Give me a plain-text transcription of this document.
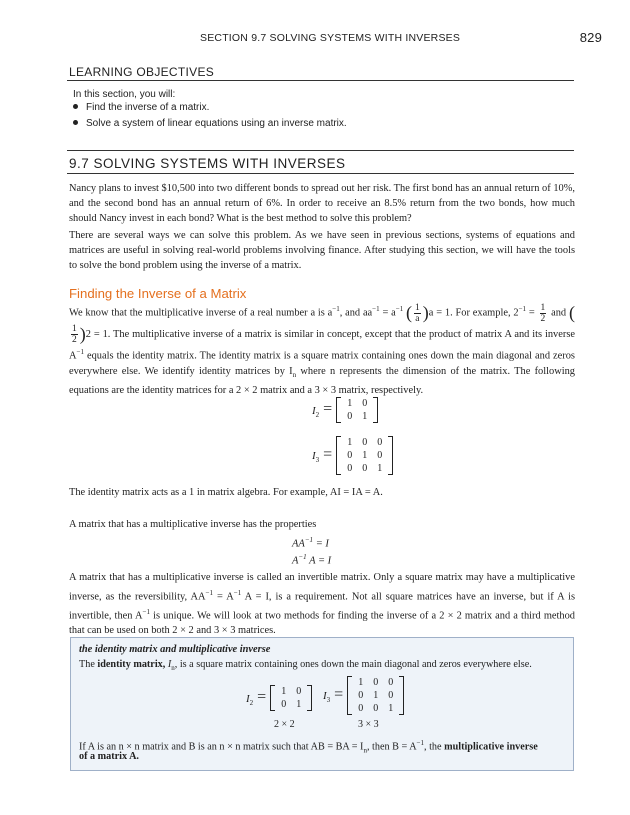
SECTION 9.7 SOLVING SYSTEMS WITH INVERSES	829
LEARNING OBJECTIVES
In this section, you will:
Find the inverse of a matrix.
Solve a system of linear equations using an inverse matrix.
9.7 SOLVING SYSTEMS WITH INVERSES

Nancy plans to invest $10,500 into two different bonds to spread out her risk. The first bond has an annual return of 10%, and the second bond has an annual return of 6%. In order to receive an 8.5% return from the two bonds, how much should Nancy invest in each bond? What is the best method to solve this problem?

There are several ways we can solve this problem. As we have seen in previous sections, systems of equations and matrices are useful in solving real-world problems involving finance. After studying this section, we will have the tools to solve the bond problem using the inverse of a matrix.

Finding the Inverse of a Matrix

We know that the multiplicative inverse of a real number a is $a^{-1}$, and $aa^{-1} = a^{-1}$ ( $\frac{1}{a} )a = 1$. For example, $2^{-1} = \frac{1}{2}$ and (
$\frac{1}{2} )2 = 1$. The multiplicative inverse of a matrix is similar in concept, except that the product of matrix A and its inverse $A^{-1}$ equals the identity matrix. The identity matrix is a square matrix containing ones down the main diagonal and zeros everywhere else. We identify identity matrices by $I_n$ where n represents the dimension of the matrix. The following equations are the identity matrices for a 2 × 2 matrix and a 3 × 3 matrix, respectively.

$I_2 = 1$	0
0	1
$I_3$ =
1	0	0
0	1	0
0	0	1

The identity matrix acts as a 1 in matrix algebra. For example, AI = IA = A.

A matrix that has a multiplicative inverse has the properties

$AA^{-1} = I$
$A^{-1}$ A = I

A matrix that has a multiplicative inverse is called an invertible matrix. Only a square matrix may have a multiplicative inverse, as the reversibility, $AA^{-1} = A^{-1}$ A = I, is a requirement. Not all square matrices have an inverse, but if A is invertible, then $A^{-1}$ is unique. We will look at two methods for finding the inverse of a 2 × 2 matrix and a third method that can be used on both 2 × 2 and 3 × 3 matrices.

the identity matrix and multiplicative inverse
The identity matrix, $I_n$, is a square matrix containing ones down the main diagonal and zeros everywhere else.
$I_2 = 1$	0
0	1
$I_3$ =
1	0	0
0	1	0
0	0	1
2 × 2	3 × 3
If A is an n × n matrix and B is an n × n matrix such that AB = BA = $I_n$, then $B = A^{-1}$, the multiplicative inverse
of a matrix A.
